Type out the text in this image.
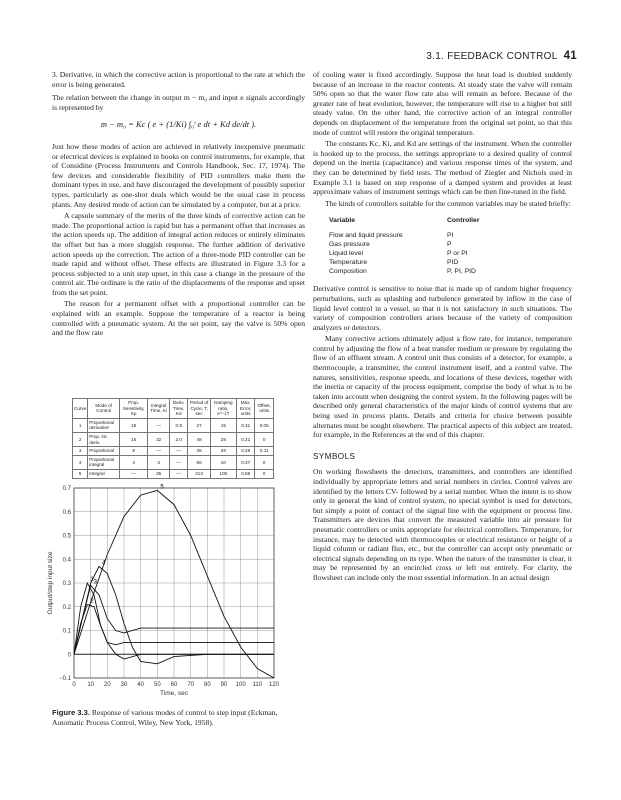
3.1. FEEDBACK CONTROL 41

3. Derivative, in which the corrective action is proportional to the rate at which the error is being generated.

The relation between the change in output m − m₀ and input e signals accordingly is represented by

m − m₀ = Kc ( e + (1/Ki) ∫₀ᵗ e dt + Kd de/dt ).

Just how these modes of action are achieved in relatively inexpensive pneumatic or electrical devices is explained in books on control instruments, for example, that of Considine (Process Instruments and Controls Handbook, Sec. 17, 1974). The few devices and considerable flexibility of PID controllers make them the dominant types in use, and have discouraged the development of possibly superior types, particularly as one-shot deals which would be the usual case in process plants. Any desired mode of action can be simulated by a computer, but at a price.

A capsule summary of the merits of the three kinds of corrective action can be made. The proportional action is rapid but has a permanent offset that increases as the action speeds up. The addition of integral action reduces or entirely eliminates the offset but has a more sluggish response. The further addition of derivative action speeds up the correction. The action of a three-mode PID controller can be made rapid and without offset. These effects are illustrated in Figure 3.3 for a process subjected to a unit step upset, in this case a change in the pressure of the control air. The ordinate is the ratio of the displacements of the response and upset from the set point.

The reason for a permanent offset with a proportional controller can be explained with an example. Suppose the temperature of a reactor is being controlled with a pneumatic system. At the set point, say the valve is 50% open and the flow rate

Curve	Mode of Control	Prop. Sensitivity, Kp	Integral Time, Ki	Deriv. Time, Kd	Period of Cycle, T, sec	Damping ratio, e^−ζT	Max. Error, units	Offset, units
1	Proportional derivative	16	—	0.9	27	15	0.31	0.05
2	Prop. int. deriv.	16	32	2.0	48	28	0.21	0
3	Proportional	8	—	—	45	28	0.29	0.11
4	Proportional integral	4	3	—	66	10	0.37	0
5	Integral	—	35	—	213	100	0.69	0
0 10 20 30 40 50 60 70 80 90 100 110 120
−0.1
0
0.1
0.2
0.3
0.4
0.5
0.6
0.7
Time, sec
Output/step input size	1
2
3
4
5
Figure 3.3. Response of various modes of control to step input (Eckman, Automatic Process Control, Wiley, New York, 1958).

of cooling water is fixed accordingly. Suppose the heat load is doubled suddenly because of an increase in the reactor contents. At steady state the valve will remain 50% open so that the water flow rate also will remain as before. Because of the greater rate of heat evolution, however, the temperature will rise to a higher but still steady value. On the other hand, the corrective action of an integral controller depends on displacement of the temperature from the original set point, so that this mode of control will restore the original temperature.

The constants Kc, Ki, and Kd are settings of the instrument. When the controller is hooked up to the process, the settings appropriate to a desired quality of control depend on the inertia (capacitance) and various response times of the system, and they can be determined by field tests. The method of Ziegler and Nichols used in Example 3.1 is based on step response of a damped system and provides at least approximate values of instrument settings which can be then fine-tuned in the field.

The kinds of controllers suitable for the common variables may be stated briefly:

Variable	Controller
Flow and liquid pressure	PI
Gas pressure	P
Liquid level	P or PI
Temperature	PID
Composition	P, PI, PID

Derivative control is sensitive to noise that is made up of random higher frequency perturbations, such as splashing and turbulence generated by inflow in the case of liquid level control in a vessel, so that it is not satisfactory in such situations. The variety of composition controllers arises because of the variety of composition analyzers or detectors.

Many corrective actions ultimately adjust a flow rate, for instance, temperature control by adjusting the flow of a heat transfer medium or pressure by regulating the flow of an effluent stream. A control unit thus consists of a detector, for example, a thermocouple, a transmitter, the control instrument itself, and a control valve. The natures, sensitivities, response speeds, and locations of these devices, together with the inertia or capacity of the process equipment, comprise the body of what is to be taken into account when designing the control system. In the following pages will be described only general characteristics of the major kinds of control systems that are being used in process plants. Details and criteria for choice between possible alternates must be sought elsewhere. The practical aspects of this subject are treated, for example, in the References at the end of this chapter.

SYMBOLS

On working flowsheets the detectors, transmitters, and controllers are identified individually by appropriate letters and serial numbers in circles. Control valves are identified by the letters CV- followed by a serial number. When the intent is to show only in general the kind of control system, no special symbol is used for detectors, but simply a point of contact of the signal line with the equipment or process line. Transmitters are devices that convert the measured variable into air pressure for pneumatic controllers or units appropriate for electrical controllers. Temperature, for instance, may be detected with thermocouples or electrical resistance or height of a liquid column or radiant flux, etc., but the controller can accept only pneumatic or electrical signals depending on its type. When the nature of the transmitter is clear, it may be represented by an encircled cross or left out entirely. For clarity, the flowsheet can include only the most essential information. In an actual design
